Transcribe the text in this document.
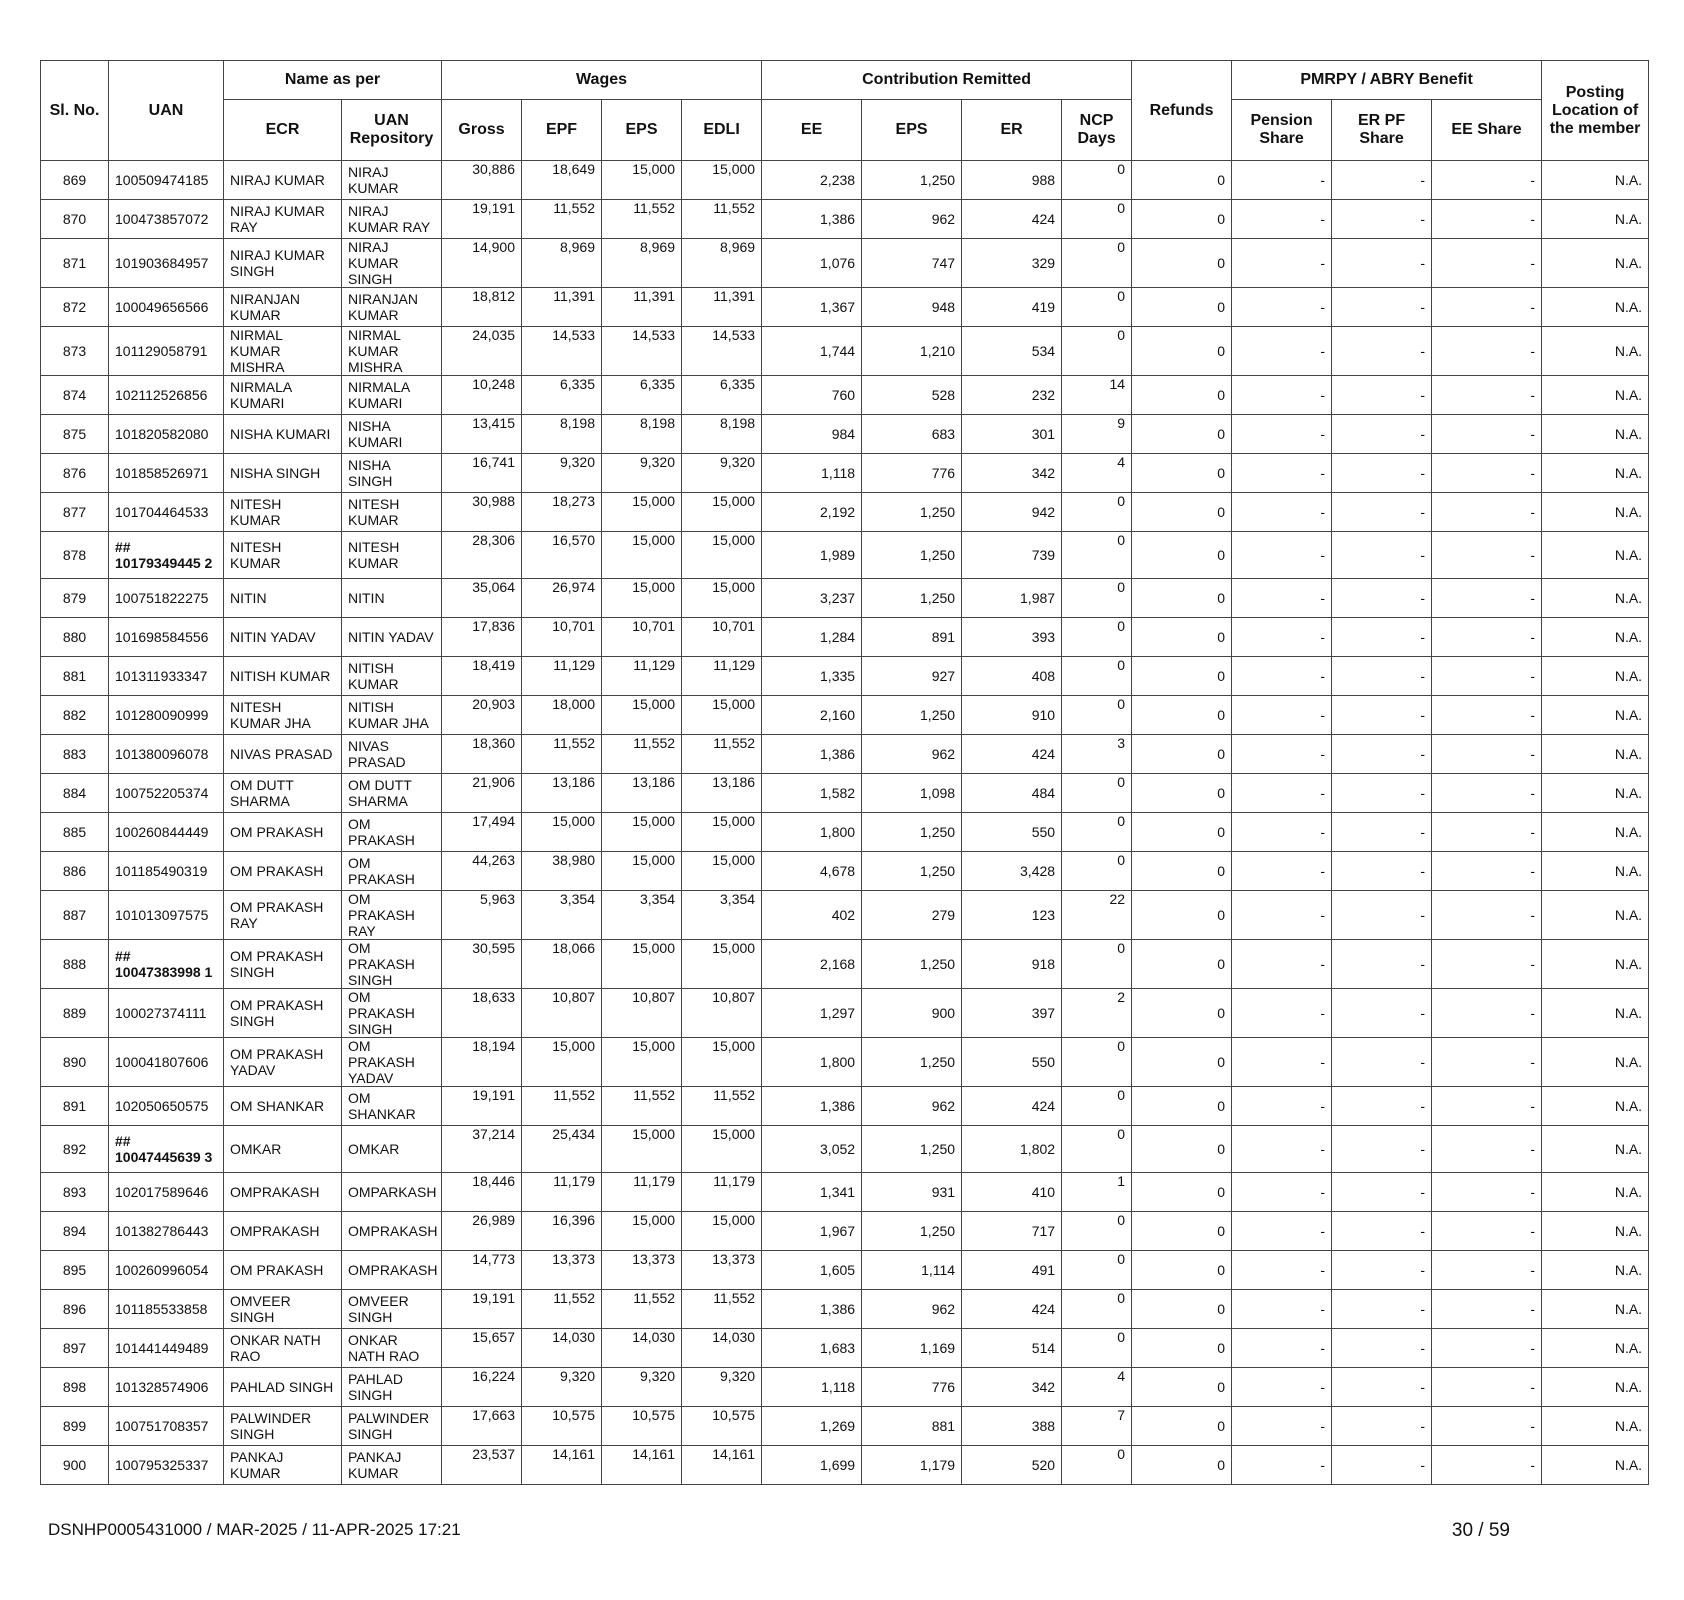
Sl. No.	UAN	Name as per		Wages				Contribution Remitted				Refunds	PMRPY / ABRY Benefit			Posting Location of the member
		ECR	UAN Repository	Gross	EPF	EPS	EDLI	EE	EPS	ER	NCP Days		Pension Share	ER PF Share	EE Share	
869	100509474185	NIRAJ KUMAR	NIRAJ KUMAR	30,886	18,649	15,000	15,000	2,238	1,250	988	0	0	-	-	-	N.A.
870	100473857072	NIRAJ KUMAR RAY	NIRAJ KUMAR RAY	19,191	11,552	11,552	11,552	1,386	962	424	0	0	-	-	-	N.A.
871	101903684957	NIRAJ KUMAR SINGH	NIRAJ KUMAR SINGH	14,900	8,969	8,969	8,969	1,076	747	329	0	0	-	-	-	N.A.
872	100049656566	NIRANJAN KUMAR	NIRANJAN KUMAR	18,812	11,391	11,391	11,391	1,367	948	419	0	0	-	-	-	N.A.
873	101129058791	NIRMAL KUMAR MISHRA	NIRMAL KUMAR MISHRA	24,035	14,533	14,533	14,533	1,744	1,210	534	0	0	-	-	-	N.A.
874	102112526856	NIRMALA KUMARI	NIRMALA KUMARI	10,248	6,335	6,335	6,335	760	528	232	14	0	-	-	-	N.A.
875	101820582080	NISHA KUMARI	NISHA KUMARI	13,415	8,198	8,198	8,198	984	683	301	9	0	-	-	-	N.A.
876	101858526971	NISHA SINGH	NISHA SINGH	16,741	9,320	9,320	9,320	1,118	776	342	4	0	-	-	-	N.A.
877	101704464533	NITESH KUMAR	NITESH KUMAR	30,988	18,273	15,000	15,000	2,192	1,250	942	0	0	-	-	-	N.A.
878	## 10179349445 2	NITESH KUMAR	NITESH KUMAR	28,306	16,570	15,000	15,000	1,989	1,250	739	0	0	-	-	-	N.A.
879	100751822275	NITIN	NITIN	35,064	26,974	15,000	15,000	3,237	1,250	1,987	0	0	-	-	-	N.A.
880	101698584556	NITIN YADAV	NITIN YADAV	17,836	10,701	10,701	10,701	1,284	891	393	0	0	-	-	-	N.A.
881	101311933347	NITISH KUMAR	NITISH KUMAR	18,419	11,129	11,129	11,129	1,335	927	408	0	0	-	-	-	N.A.
882	101280090999	NITESH KUMAR JHA	NITISH KUMAR JHA	20,903	18,000	15,000	15,000	2,160	1,250	910	0	0	-	-	-	N.A.
883	101380096078	NIVAS PRASAD	NIVAS PRASAD	18,360	11,552	11,552	11,552	1,386	962	424	3	0	-	-	-	N.A.
884	100752205374	OM DUTT SHARMA	OM DUTT SHARMA	21,906	13,186	13,186	13,186	1,582	1,098	484	0	0	-	-	-	N.A.
885	100260844449	OM PRAKASH	OM PRAKASH	17,494	15,000	15,000	15,000	1,800	1,250	550	0	0	-	-	-	N.A.
886	101185490319	OM PRAKASH	OM PRAKASH	44,263	38,980	15,000	15,000	4,678	1,250	3,428	0	0	-	-	-	N.A.
887	101013097575	OM PRAKASH RAY	OM PRAKASH RAY	5,963	3,354	3,354	3,354	402	279	123	22	0	-	-	-	N.A.
888	## 10047383998 1	OM PRAKASH SINGH	OM PRAKASH SINGH	30,595	18,066	15,000	15,000	2,168	1,250	918	0	0	-	-	-	N.A.
889	100027374111	OM PRAKASH SINGH	OM PRAKASH SINGH	18,633	10,807	10,807	10,807	1,297	900	397	2	0	-	-	-	N.A.
890	100041807606	OM PRAKASH YADAV	OM PRAKASH YADAV	18,194	15,000	15,000	15,000	1,800	1,250	550	0	0	-	-	-	N.A.
891	102050650575	OM SHANKAR	OM SHANKAR	19,191	11,552	11,552	11,552	1,386	962	424	0	0	-	-	-	N.A.
892	## 10047445639 3	OMKAR	OMKAR	37,214	25,434	15,000	15,000	3,052	1,250	1,802	0	0	-	-	-	N.A.
893	102017589646	OMPRAKASH	OMPARKASH	18,446	11,179	11,179	11,179	1,341	931	410	1	0	-	-	-	N.A.
894	101382786443	OMPRAKASH	OMPRAKASH	26,989	16,396	15,000	15,000	1,967	1,250	717	0	0	-	-	-	N.A.
895	100260996054	OM PRAKASH	OMPRAKASH	14,773	13,373	13,373	13,373	1,605	1,114	491	0	0	-	-	-	N.A.
896	101185533858	OMVEER SINGH	OMVEER SINGH	19,191	11,552	11,552	11,552	1,386	962	424	0	0	-	-	-	N.A.
897	101441449489	ONKAR NATH RAO	ONKAR NATH RAO	15,657	14,030	14,030	14,030	1,683	1,169	514	0	0	-	-	-	N.A.
898	101328574906	PAHLAD SINGH	PAHLAD SINGH	16,224	9,320	9,320	9,320	1,118	776	342	4	0	-	-	-	N.A.
899	100751708357	PALWINDER SINGH	PALWINDER SINGH	17,663	10,575	10,575	10,575	1,269	881	388	7	0	-	-	-	N.A.
900	100795325337	PANKAJ KUMAR	PANKAJ KUMAR	23,537	14,161	14,161	14,161	1,699	1,179	520	0	0	-	-	-	N.A.
DSNHP0005431000 / MAR-2025 / 11-APR-2025 17:21	30 / 59
